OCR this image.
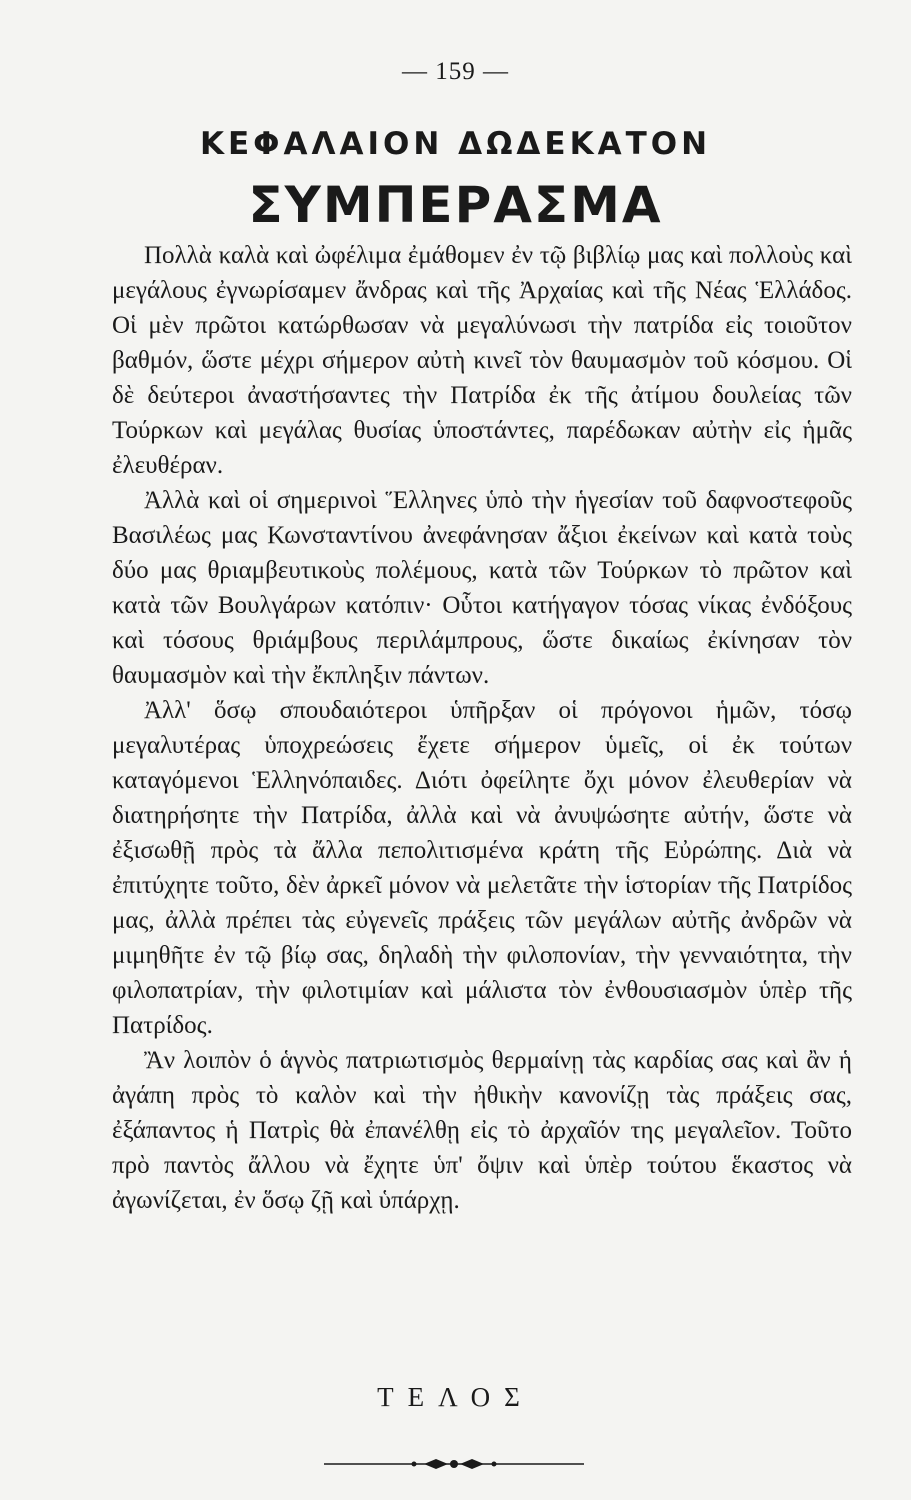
— 159 —
ΚΕΦΑΛΑΙΟΝ ΔΩΔΕΚΑΤΟΝ
ΣΥΜΠΕΡΑΣΜΑ

Πολλὰ καλὰ καὶ ὠφέλιμα ἐμάθομεν ἐν τῷ βιβλίῳ μας καὶ πολλοὺς καὶ μεγάλους ἐγνωρίσαμεν ἄνδρας καὶ τῆς Ἀρχαίας καὶ τῆς Νέας Ἑλλάδος. Οἱ μὲν πρῶτοι κατώρθωσαν νὰ μεγαλύνωσι τὴν πατρίδα εἰς τοιοῦτον βαθμόν, ὥστε μέχρι σήμερον αὐτὴ κινεῖ τὸν θαυμασμὸν τοῦ κόσμου. Οἱ δὲ δεύτεροι ἀναστήσαντες τὴν Πατρίδα ἐκ τῆς ἀτίμου δουλείας τῶν Τούρκων καὶ μεγάλας θυσίας ὑποστάντες, παρέδωκαν αὐτὴν εἰς ἡμᾶς ἐλευθέραν.

Ἀλλὰ καὶ οἱ σημερινοὶ Ἕλληνες ὑπὸ τὴν ἡγεσίαν τοῦ δαφνοστεφοῦς Βασιλέως μας Κωνσταντίνου ἀνεφάνησαν ἄξιοι ἐκείνων καὶ κατὰ τοὺς δύο μας θριαμβευτικοὺς πολέμους, κατὰ τῶν Τούρκων τὸ πρῶτον καὶ κατὰ τῶν Βουλγάρων κατόπιν· Οὗτοι κατήγαγον τόσας νίκας ἐνδόξους καὶ τόσους θριάμβους περιλάμπρους, ὥστε δικαίως ἐκίνησαν τὸν θαυμασμὸν καὶ τὴν ἔκπληξιν πάντων.

Ἀλλ' ὅσῳ σπουδαιότεροι ὑπῆρξαν οἱ πρόγονοι ἡμῶν, τόσῳ μεγαλυτέρας ὑποχρεώσεις ἔχετε σήμερον ὑμεῖς, οἱ ἐκ τούτων καταγόμενοι Ἑλληνόπαιδες. Διότι ὀφείλητε ὄχι μόνον ἐλευθερίαν νὰ διατηρήσητε τὴν Πατρίδα, ἀλλὰ καὶ νὰ ἀνυψώσητε αὐτήν, ὥστε νὰ ἐξισωθῇ πρὸς τὰ ἄλλα πεπολιτισμένα κράτη τῆς Εὐρώπης. Διὰ νὰ ἐπιτύχητε τοῦτο, δὲν ἀρκεῖ μόνον νὰ μελετᾶτε τὴν ἱστορίαν τῆς Πατρίδος μας, ἀλλὰ πρέπει τὰς εὐγενεῖς πράξεις τῶν μεγάλων αὐτῆς ἀνδρῶν νὰ μιμηθῆτε ἐν τῷ βίῳ σας, δηλαδὴ τὴν φιλοπονίαν, τὴν γενναιότητα, τὴν φιλοπατρίαν, τὴν φιλοτιμίαν καὶ μάλιστα τὸν ἐνθουσιασμὸν ὑπὲρ τῆς Πατρίδος.

Ἂν λοιπὸν ὁ ἁγνὸς πατριωτισμὸς θερμαίνῃ τὰς καρδίας σας καὶ ἂν ἡ ἀγάπη πρὸς τὸ καλὸν καὶ τὴν ἠθικὴν κανονίζῃ τὰς πράξεις σας, ἐξάπαντος ἡ Πατρὶς θὰ ἐπανέλθῃ εἰς τὸ ἀρχαῖόν της μεγαλεῖον. Τοῦτο πρὸ παντὸς ἄλλου νὰ ἔχητε ὑπ' ὄψιν καὶ ὑπὲρ τούτου ἕκαστος νὰ ἀγωνίζεται, ἐν ὅσῳ ζῇ καὶ ὑπάρχῃ.

ΤΕΛΟΣ
